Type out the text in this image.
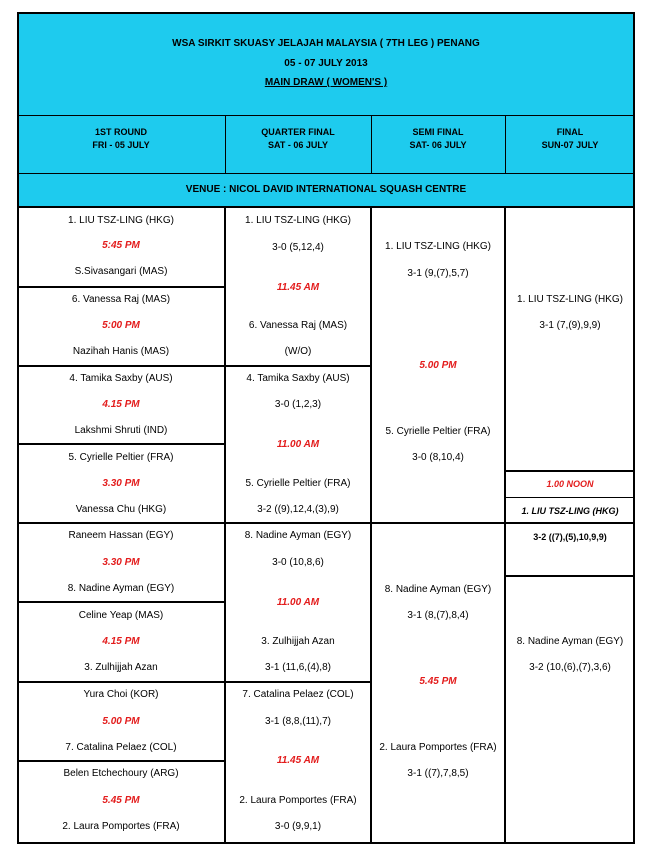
WSA SIRKIT SKUASY JELAJAH MALAYSIA ( 7TH LEG ) PENANG
05 - 07 JULY 2013
MAIN DRAW ( WOMEN'S )
1ST ROUND
FRI - 05 JULY
QUARTER FINAL
SAT - 06 JULY
SEMI FINAL
SAT- 06 JULY
FINAL
SUN-07 JULY
VENUE : NICOL DAVID INTERNATIONAL SQUASH CENTRE
1. LIU TSZ-LING (HKG)
5:45 PM
S.Sivasangari (MAS)
6. Vanessa Raj (MAS)
5:00 PM
Nazihah Hanis (MAS)
4. Tamika Saxby (AUS)
4.15 PM
Lakshmi Shruti (IND)
5. Cyrielle Peltier (FRA)
3.30 PM
Vanessa Chu (HKG)
Raneem Hassan (EGY)
3.30 PM
8. Nadine Ayman (EGY)
Celine Yeap (MAS)
4.15 PM
3. Zulhijjah Azan
Yura Choi (KOR)
5.00 PM
7. Catalina Pelaez (COL)
Belen Etchechoury (ARG)
5.45 PM
2. Laura Pomportes (FRA)
1. LIU TSZ-LING (HKG)
3-0 (5,12,4)
11.45 AM
6. Vanessa Raj (MAS)
(W/O)
4. Tamika Saxby (AUS)
3-0 (1,2,3)
11.00 AM
5. Cyrielle Peltier (FRA)
3-2 ((9),12,4,(3),9)
8. Nadine Ayman (EGY)
3-0 (10,8,6)
11.00 AM
3. Zulhijjah Azan
3-1 (11,6,(4),8)
7. Catalina Pelaez (COL)
3-1 (8,8,(11),7)
11.45 AM
2. Laura Pomportes (FRA)
3-0 (9,9,1)
1. LIU TSZ-LING (HKG)
3-1 (9,(7),5,7)
5.00 PM
5. Cyrielle Peltier (FRA)
3-0 (8,10,4)
8. Nadine Ayman (EGY)
3-1 (8,(7),8,4)
5.45 PM
2. Laura Pomportes (FRA)
3-1 ((7),7,8,5)
1. LIU TSZ-LING (HKG)
3-1 (7,(9),9,9)
1.00 NOON
1. LIU TSZ-LING (HKG)
3-2 ((7),(5),10,9,9)
8. Nadine Ayman (EGY)
3-2 (10,(6),(7),3,6)
